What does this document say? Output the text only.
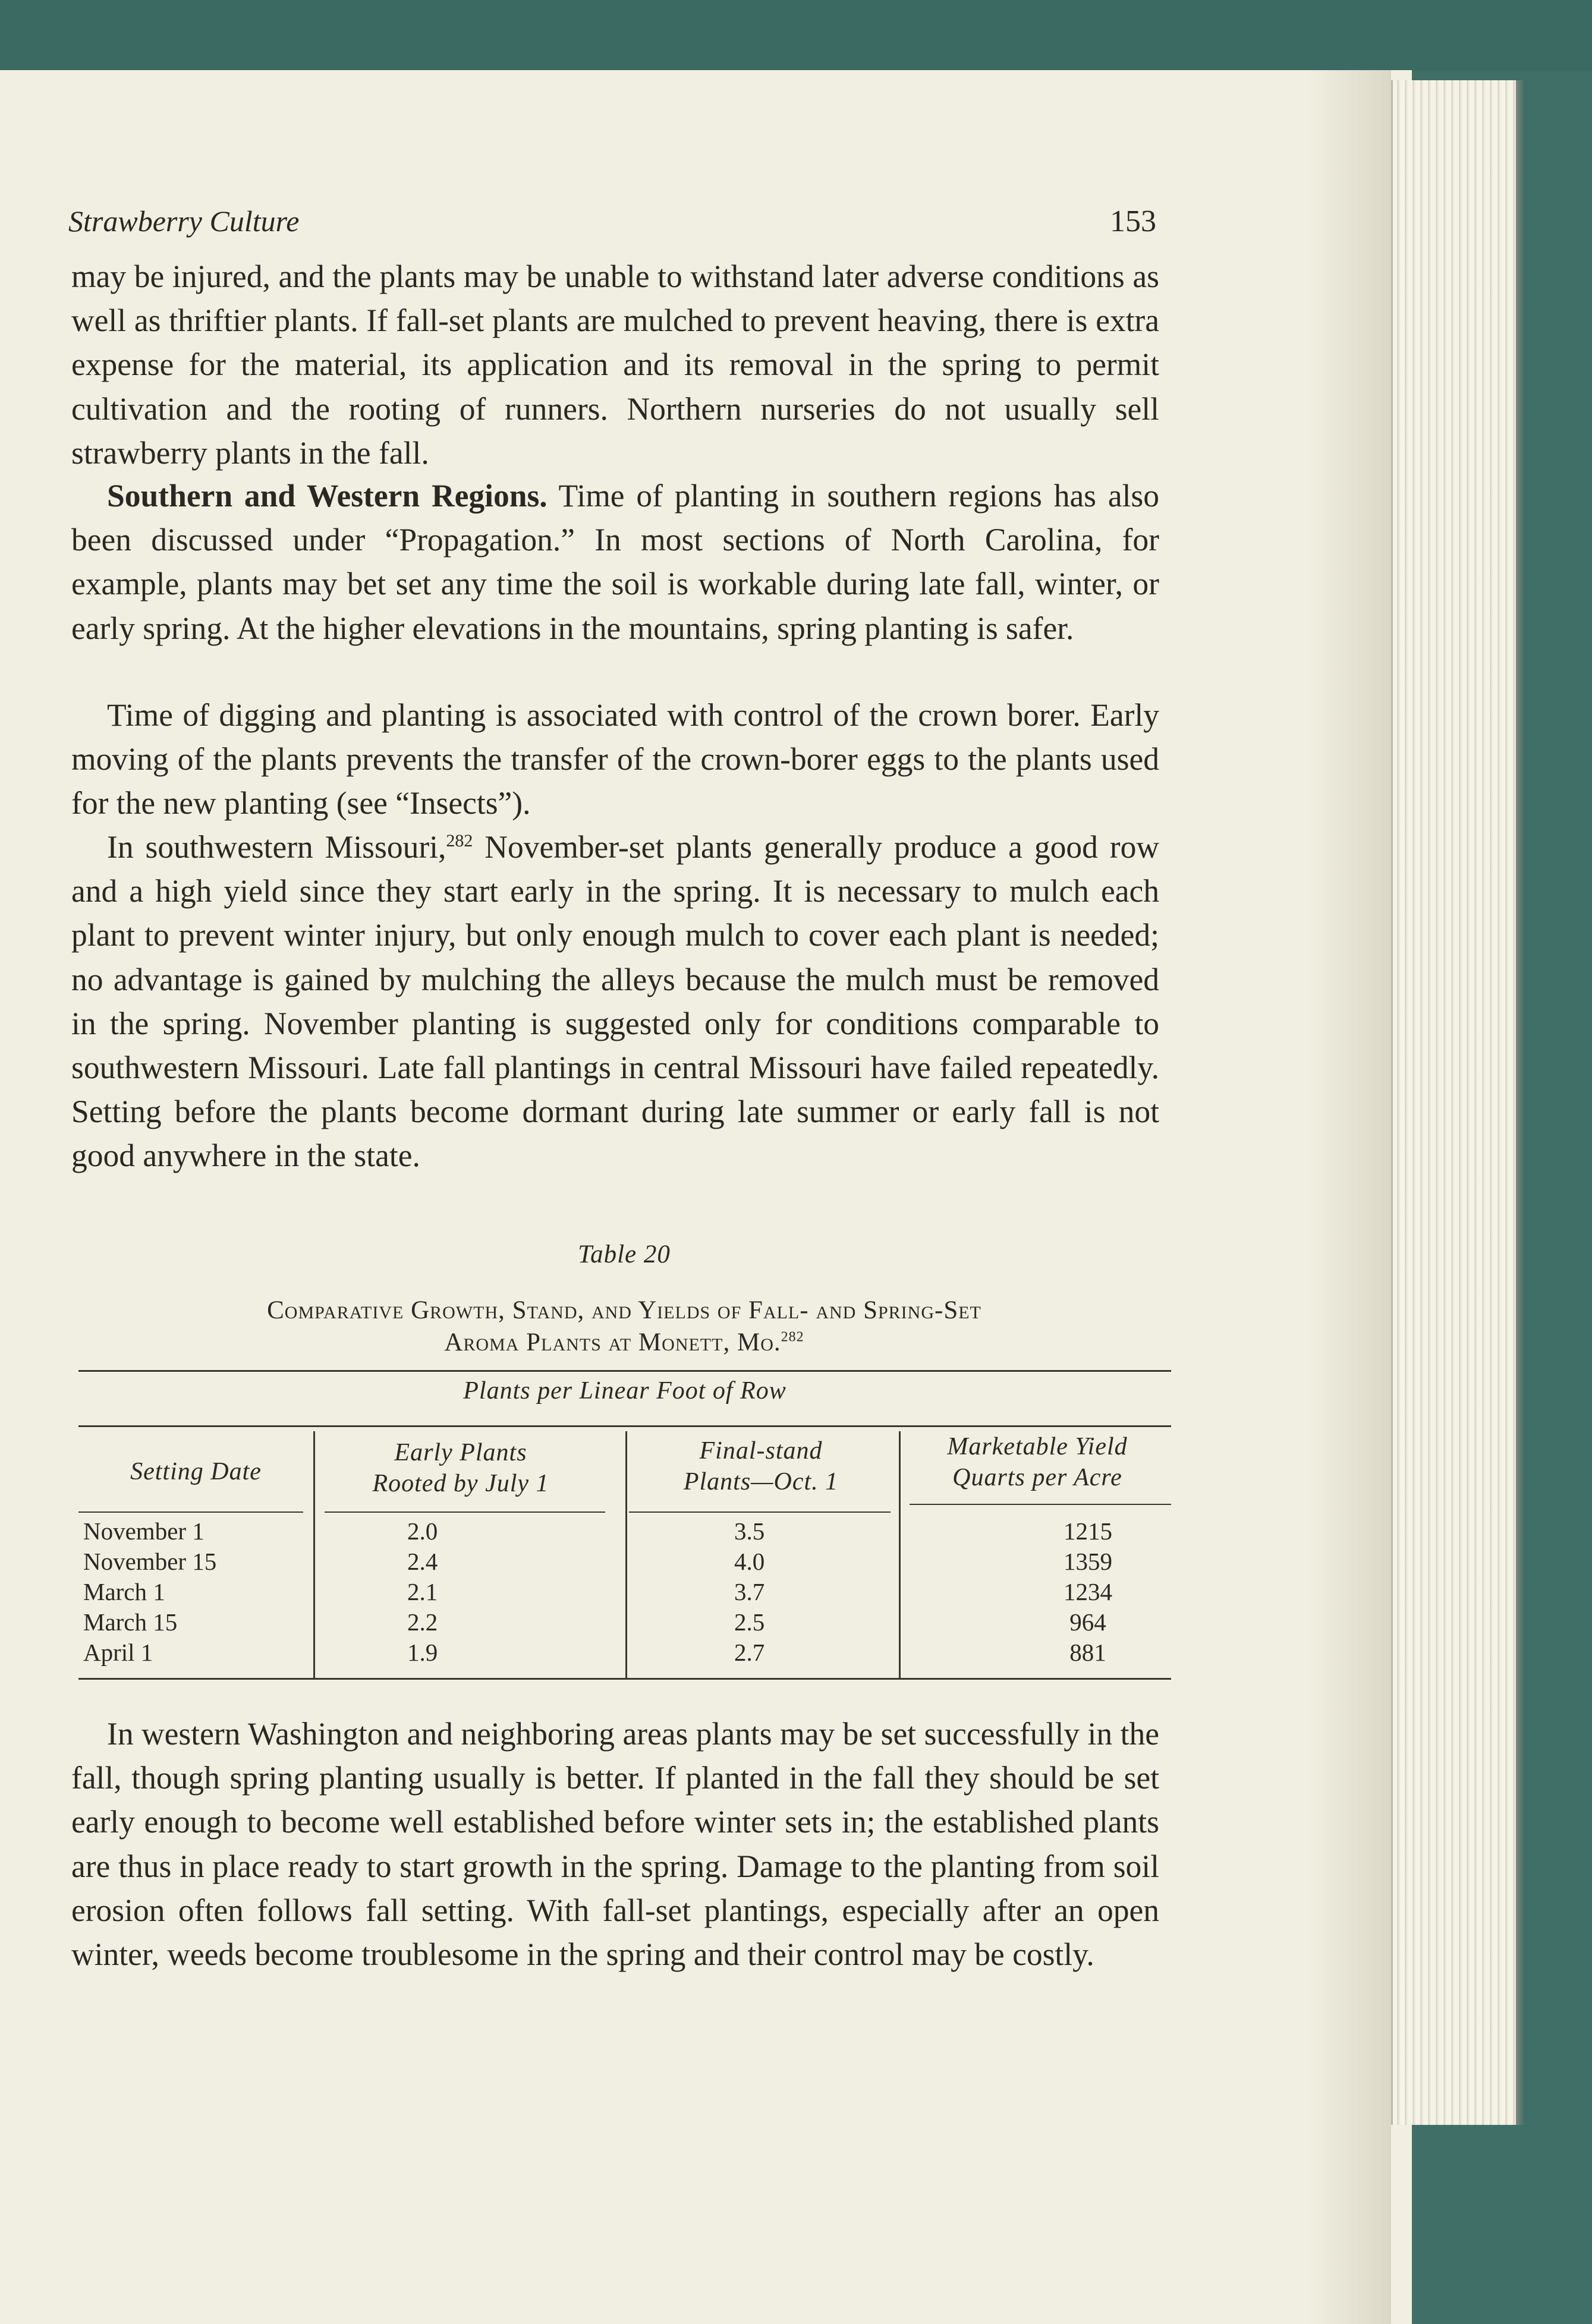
Strawberry Culture	153

may be injured, and the plants may be unable to withstand later adverse conditions as well as thriftier plants. If fall-set plants are mulched to prevent heaving, there is extra expense for the material, its application and its removal in the spring to permit cultivation and the rooting of runners. Northern nurseries do not usually sell strawberry plants in the fall.

Southern and Western Regions. Time of planting in southern regions has also been discussed under “Propagation.” In most sections of North Carolina, for example, plants may bet set any time the soil is workable during late fall, winter, or early spring. At the higher elevations in the mountains, spring planting is safer.

Time of digging and planting is associated with control of the crown borer. Early moving of the plants prevents the transfer of the crown-borer eggs to the plants used for the new planting (see “Insects”).

In southwestern Missouri,$^{282}$ November-set plants generally produce a good row and a high yield since they start early in the spring. It is necessary to mulch each plant to prevent winter injury, but only enough mulch to cover each plant is needed; no advantage is gained by mulching the alleys because the mulch must be removed in the spring. November planting is suggested only for conditions comparable to southwestern Missouri. Late fall plantings in central Missouri have failed repeatedly. Setting before the plants become dormant during late summer or early fall is not good anywhere in the state.

Table 20
Comparative Growth, Stand, and Yields of Fall- and Spring-Set
Aroma Plants at Monett, Mo.$^{282}$
Plants per Linear Foot of Row
Setting Date
Early Plants
Rooted by July 1
Final-stand
Plants—Oct. 1
Marketable Yield
Quarts per Acre
November 1	2.0	3.5	1215
November 15	2.4	4.0	1359
March 1	2.1	3.7	1234
March 15	2.2	2.5	964
April 1	1.9	2.7	881

In western Washington and neighboring areas plants may be set successfully in the fall, though spring planting usually is better. If planted in the fall they should be set early enough to become well established before winter sets in; the established plants are thus in place ready to start growth in the spring. Damage to the planting from soil erosion often follows fall setting. With fall-set plantings, especially after an open winter, weeds become troublesome in the spring and their control may be costly.
